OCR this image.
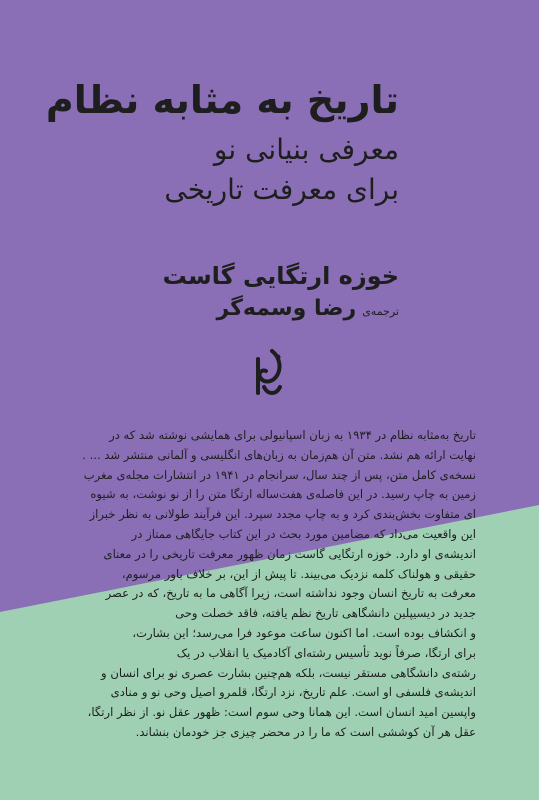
تاریخ به مثابه نظام
معرفی بنیانی نو
برای معرفت تاریخی
خوزه ارتگایی گاست
ترجمه‌ی
رضا وسمه‌گر
تاریخ به‌مثابه نظام در ۱۹۳۴ به زبان اسپانیولی برای همایشی نوشته شد که در
نهایت ارائه هم نشد. متن آن هم‌زمان به زبان‌های انگلیسی و آلمانی منتشر شد ... .
نسخه‌ی کامل متن، پس از چند سال، سرانجام در ۱۹۴۱ در انتشارات مجله‌ی مغرب
زمین به چاپ رسید. در این فاصله‌ی هفت‌ساله ارتگا متن را از نو نوشت، به شیوه
ای متفاوت بخش‌بندی کرد و به چاپ مجدد سپرد. این فرآیند طولانی به نظر خبراز
این واقعیت می‌داد که مضامین مورد بحث در این کتاب جایگاهی ممتاز در
اندیشه‌ی او دارد. خوزه ارتگایی گاست زمان ظهور معرفت تاریخی را در معنای
حقیقی و هولناک کلمه نزدیک می‌بیند. تا پیش از این، بر خلاف باور مرسوم،
معرفت به تاریخ انسان وجود نداشته است، زیرا آگاهی ما به تاریخ، که در عصر
جدید در دیسیپلین دانشگاهی تاریخ نظم یافته، فاقد خصلت وحی
و انکشاف بوده است. اما اکنون ساعت موعود فرا می‌رسد؛ این بشارت،
برای ارتگا، صرفاً نوید تأسیس رشته‌ای آکادمیک یا انقلاب در یک
رشته‌ی دانشگاهی مستقر نیست، بلکه هم‌چنین بشارت عصری نو برای انسان و
اندیشه‌ی فلسفی او است. علم تاریخ، نزد ارتگا، قلمرو اصیل وحی نو و منادی
واپسین امید انسان است. این همانا وحی سوم است: ظهور عقل نو. از نظر ارتگا،
عقل هر آن کوششی است که ما را در محضر چیزی جز خودمان بنشاند.
